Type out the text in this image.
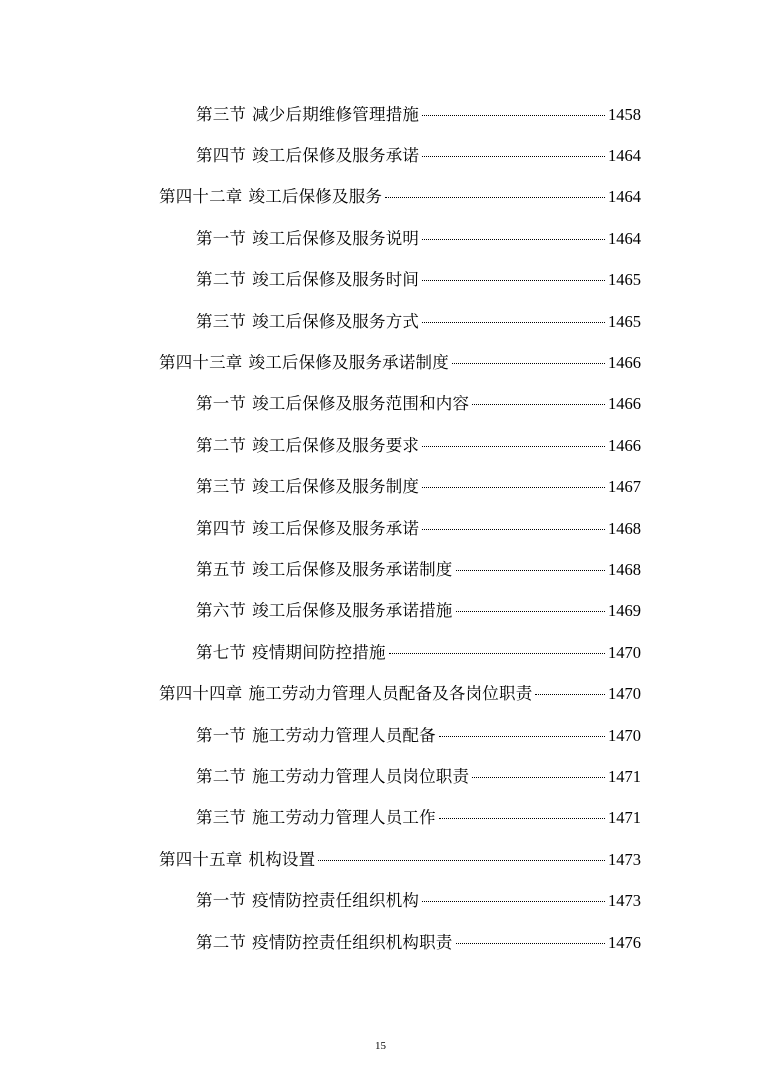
第三节 减少后期维修管理措施	1458
第四节 竣工后保修及服务承诺	1464
第四十二章 竣工后保修及服务	1464
第一节 竣工后保修及服务说明	1464
第二节 竣工后保修及服务时间	1465
第三节 竣工后保修及服务方式	1465
第四十三章 竣工后保修及服务承诺制度	1466
第一节 竣工后保修及服务范围和内容	1466
第二节 竣工后保修及服务要求	1466
第三节 竣工后保修及服务制度	1467
第四节 竣工后保修及服务承诺	1468
第五节 竣工后保修及服务承诺制度	1468
第六节 竣工后保修及服务承诺措施	1469
第七节 疫情期间防控措施	1470
第四十四章 施工劳动力管理人员配备及各岗位职责	1470
第一节 施工劳动力管理人员配备	1470
第二节 施工劳动力管理人员岗位职责	1471
第三节 施工劳动力管理人员工作	1471
第四十五章 机构设置	1473
第一节 疫情防控责任组织机构	1473
第二节 疫情防控责任组织机构职责	1476
15
